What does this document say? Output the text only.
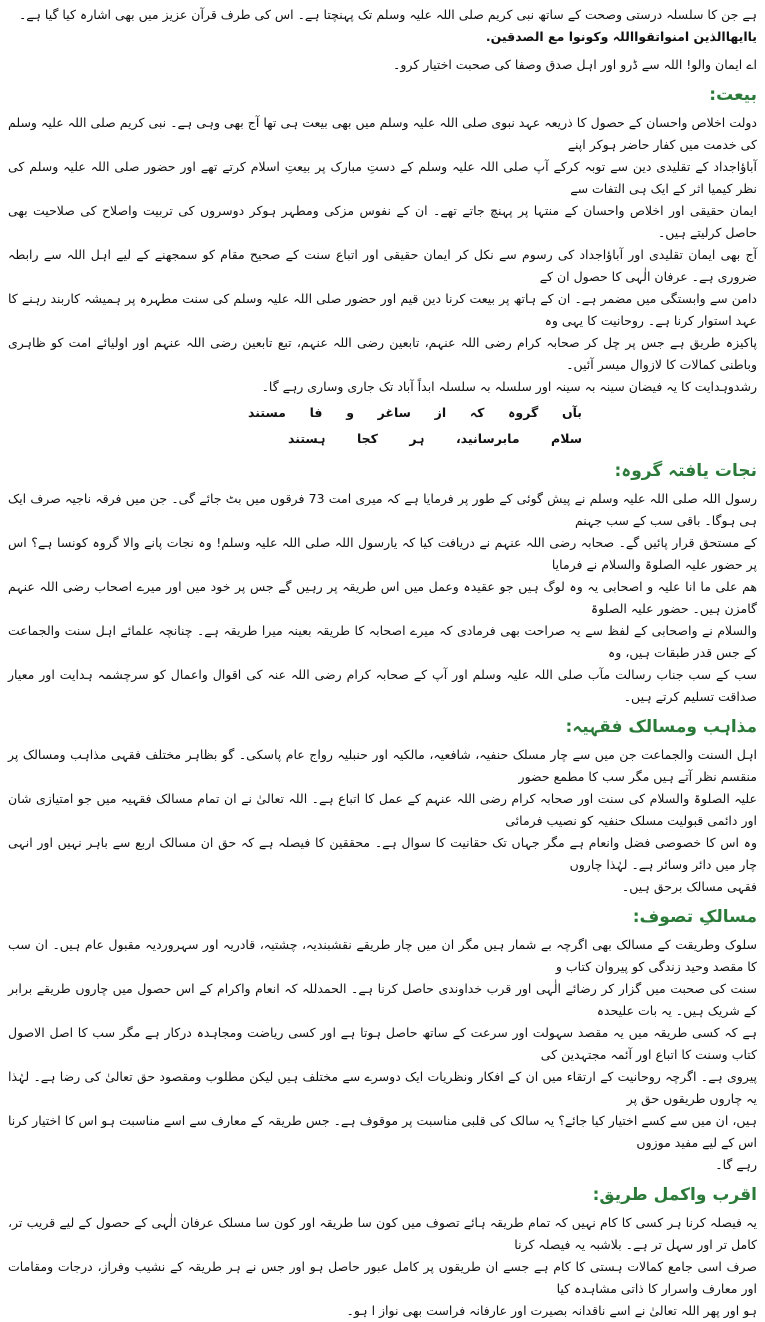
ہے جن کا سلسلہ درستی وصحت کے ساتھ نبی کریم صلی اللہ علیہ وسلم تک پہنچتا ہے۔ اس کی طرف قرآن عزیز میں بھی اشارہ کیا گیا ہے۔

یاایھاالذین امنواتقوااللہ وکونوا مع الصدقین.

اے ایمان والو! اللہ سے ڈرو اور اہل صدق وصفا کی صحبت اختیار کرو۔

بیعت:

دولت اخلاص واحسان کے حصول کا ذریعہ عہد نبوی صلی اللہ علیہ وسلم میں بھی بیعت ہی تھا آج بھی وہی ہے۔ نبی کریم صلی اللہ علیہ وسلم کی خدمت میں کفار حاضر ہوکر اپنے
آباؤاجداد کے تقلیدی دین سے توبہ کرکے آپ صلی اللہ علیہ وسلم کے دستِ مبارک پر بیعتِ اسلام کرتے تھے اور حضور صلی اللہ علیہ وسلم کی نظر کیمیا اثر کے ایک ہی التفات سے
ایمان حقیقی اور اخلاص واحسان کے منتہا پر پہنچ جاتے تھے۔ ان کے نفوس مزکی ومطہر ہوکر دوسروں کی تربیت واصلاح کی صلاحیت بھی حاصل کرلیتے ہیں۔

آج بھی ایمان تقلیدی اور آباؤاجداد کی رسوم سے نکل کر ایمان حقیقی اور اتباع سنت کے صحیح مقام کو سمجھنے کے لیے اہل اللہ سے رابطہ ضروری ہے۔ عرفان الٰہی کا حصول ان کے
دامن سے وابستگی میں مضمر ہے۔ ان کے ہاتھ پر بیعت کرنا دین قیم اور حضور صلی اللہ علیہ وسلم کی سنت مطہرہ پر ہمیشہ کاربند رہنے کا عہد استوار کرنا ہے۔ روحانیت کا یہی وہ
پاکیزہ طریق ہے جس پر چل کر صحابہ کرام رضی اللہ عنہم، تابعین رضی اللہ عنہم، تبع تابعین رضی اللہ عنہم اور اولیائے امت کو ظاہری وباطنی کمالات کا لازوال میسر آئیں۔
رشدوہدایت کا یہ فیضان سینہ بہ سینہ اور سلسلہ بہ سلسلہ ابداً آباد تک جاری وساری رہے گا۔

بآں
گروہ
کہ
از
ساغر
و
فا
مستند
سلام
مابرسانید،
ہر
کجا
ہستند
نجات یافتہ گروہ:

رسول اللہ صلی اللہ علیہ وسلم نے پیش گوئی کے طور پر فرمایا ہے کہ میری امت 73 فرقوں میں بٹ جائے گی۔ جن میں فرقہ ناجیہ صرف ایک ہی ہوگا۔ باقی سب کے سب جہنم
کے مستحق قرار پائیں گے۔ صحابہ رضی اللہ عنہم نے دریافت کیا کہ یارسول اللہ صلی اللہ علیہ وسلم! وہ نجات پانے والا گروہ کونسا ہے؟ اس پر حضور علیہ الصلوۃ والسلام نے فرمایا
ھم علی ما انا علیہ و اصحابی یہ وہ لوگ ہیں جو عقیدہ وعمل میں اس طریقہ پر رہیں گے جس پر خود میں اور میرے اصحاب رضی اللہ عنہم گامزن ہیں۔ حضور علیہ الصلوۃ
والسلام نے واصحابی کے لفظ سے یہ صراحت بھی فرمادی کہ میرے اصحابہ کا طریقہ بعینہ میرا طریقہ ہے۔ چنانچہ علمائے اہل سنت والجماعت کے جس قدر طبقات ہیں، وہ
سب کے سب جناب رسالت مآب صلی اللہ علیہ وسلم اور آپ کے صحابہ کرام رضی اللہ عنہ کی اقوال واعمال کو سرچشمہ ہدایت اور معیار صداقت تسلیم کرتے ہیں۔

مذاہب ومسالک فقہیہ:

اہل السنت والجماعت جن میں سے چار مسلک حنفیہ، شافعیہ، مالکیہ اور حنبلیہ رواج عام پاسکی۔ گو بظاہر مختلف فقہی مذاہب ومسالک پر منقسم نظر آتے ہیں مگر سب کا مطمع حضور
علیہ الصلوۃ والسلام کی سنت اور صحابہ کرام رضی اللہ عنہم کے عمل کا اتباع ہے۔ اللہ تعالیٰ نے ان تمام مسالک فقہیہ میں جو امتیازی شان اور دائمی قبولیت مسلک حنفیہ کو نصیب فرمائی
وہ اس کا خصوصی فضل وانعام ہے مگر جہاں تک حقانیت کا سوال ہے۔ محققین کا فیصلہ ہے کہ حق ان مسالک اربع سے باہر نہیں اور انہی چار میں دائر وسائر ہے۔ لہٰذا چاروں
فقہی مسالک برحق ہیں۔

مسالکِ تصوف:

سلوک وطریقت کے مسالک بھی اگرچہ بے شمار ہیں مگر ان میں چار طریقے نقشبندیہ، چشتیہ، قادریہ اور سہروردیہ مقبول عام ہیں۔ ان سب کا مقصد وحید زندگی کو پیروان کتاب و
سنت کی صحبت میں گزار کر رضائے الٰہی اور قرب خداوندی حاصل کرنا ہے۔ الحمدللہ کہ انعام واکرام کے اس حصول میں چاروں طریقے برابر کے شریک ہیں۔ یہ بات علیحدہ
ہے کہ کسی طریقہ میں یہ مقصد سہولت اور سرعت کے ساتھ حاصل ہوتا ہے اور کسی ریاضت ومجاہدہ درکار ہے مگر سب کا اصل الاصول کتاب وسنت کا اتباع اور آئمہ مجتہدین کی
پیروی ہے۔ اگرچہ روحانیت کے ارتقاء میں ان کے افکار ونظریات ایک دوسرے سے مختلف ہیں لیکن مطلوب ومقصود حق تعالیٰ کی رضا ہے۔ لہٰذا یہ چاروں طریقوں حق پر
ہیں، ان میں سے کسے اختیار کیا جائے؟ یہ سالک کی قلبی مناسبت پر موقوف ہے۔ جس طریقہ کے معارف سے اسے مناسبت ہو اس کا اختیار کرنا اس کے لیے مفید موزوں
رہے گا۔

اقرب واکمل طریق:

یہ فیصلہ کرنا ہر کسی کا کام نہیں کہ تمام طریقہ ہائے تصوف میں کون سا طریقہ اور کون سا مسلک عرفان الٰہی کے حصول کے لیے قریب تر، کامل تر اور سہل تر ہے۔ بلاشبہ یہ فیصلہ کرنا
صرف اسی جامع کمالات ہستی کا کام ہے جسے ان طریقوں پر کامل عبور حاصل ہو اور جس نے ہر طریقہ کے نشیب وفراز، درجات ومقامات اور معارف واسرار کا ذاتی مشاہدہ کیا
ہو اور پھر اللہ تعالیٰ نے اسے ناقدانہ بصیرت اور عارفانہ فراست بھی نواز ا ہو۔
